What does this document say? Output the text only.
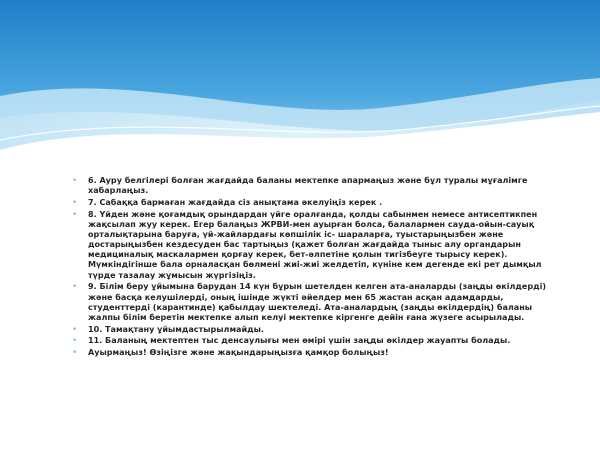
• 6. Ауру белгілері болған жағдайда баланы мектепке апармаңыз және бұл туралы мұғалімге хабарлаңыз.
• 7. Сабаққа бармаған жағдайда сіз анықтама әкелуіңіз керек .
• 8. Үйден және қоғамдық орындардан үйге оралғанда, қолды сабынмен немесе антисептикпен жақсылап жуу керек. Егер балаңыз ЖРВИ-мен ауырған болса, балалармен сауда-ойын-сауық орталықтарына баруға, үй-жайлардағы көпшілік іс- шараларға, туыстарыңызбен және достарыңызбен кездесуден бас тартыңыз (қажет болған жағдайда тыныс алу органдарын медициналық маскалармен қорғау керек, бет-әлпетіне қолын тигізбеуге тырысу керек). Мүмкіндігінше бала орналасқан бөлмені жиі-жиі желдетіп, күніне кем дегенде екі рет дымқыл түрде тазалау жұмысын жүргізіңіз.
• 9. Білім беру ұйымына барудан 14 күн бұрын шетелден келген ата-аналарды (заңды өкілдерді) және басқа келушілерді, оның ішінде жүкті әйелдер мен 65 жастан асқан адамдарды, студенттерді (карантинде) қабылдау шектеледі. Ата-аналардың (заңды өкілдердің) баланы жалпы білім беретін мектепке алып келуі мектепке кіргенге дейін ғана жүзеге асырылады.
• 10. Тамақтану ұйымдастырылмайды.
• 11. Баланың мектептен тыс денсаулығы мен өмірі үшін заңды өкілдер жауапты болады.
• Ауырмаңыз! Өзіңізге және жақындарыңызға қамқор болыңыз!
